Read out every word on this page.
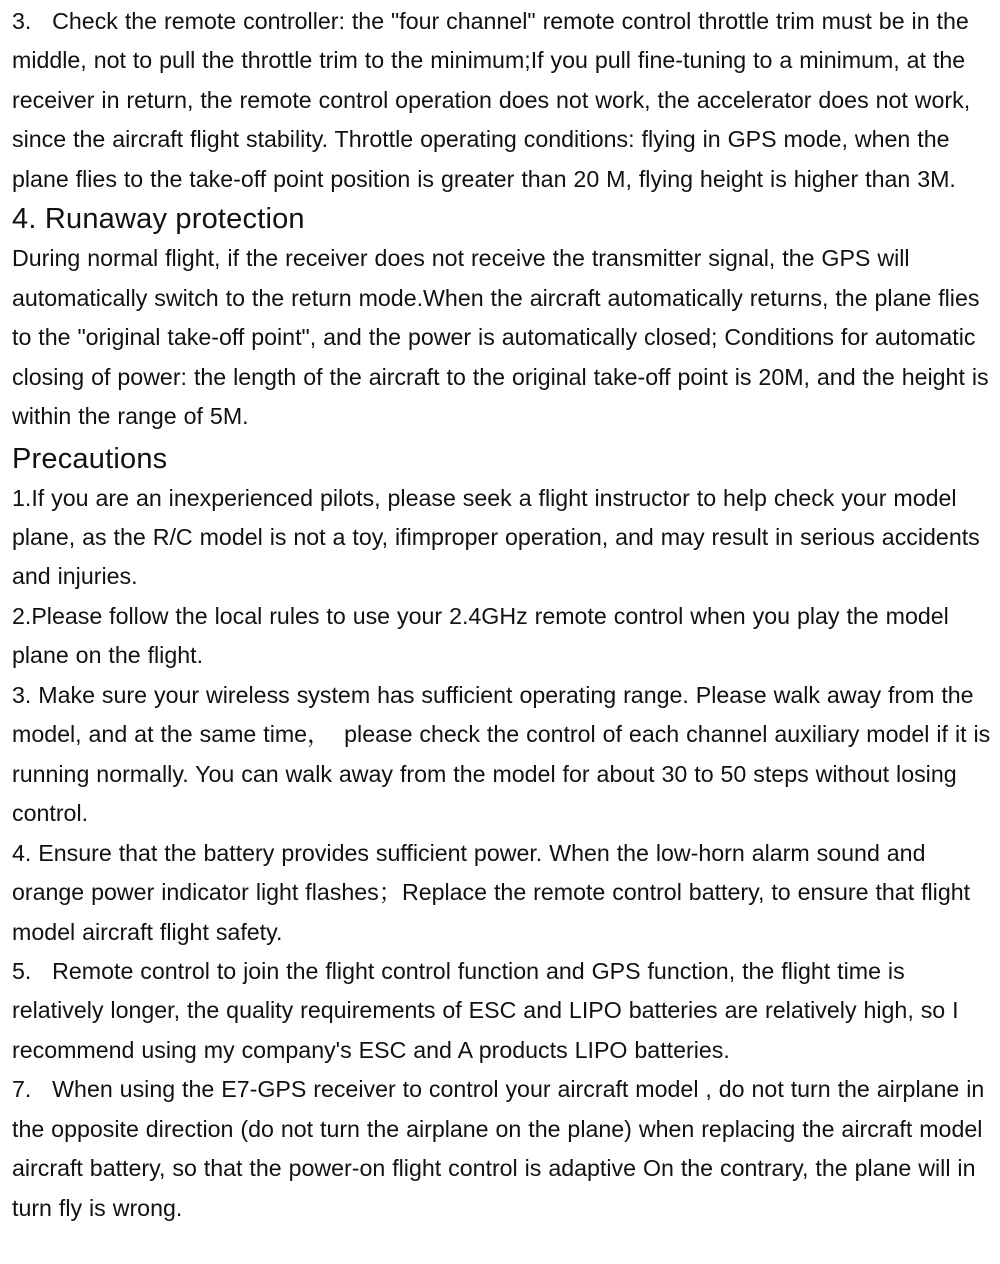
3.   Check the remote controller: the "four channel" remote control throttle trim must be in the middle, not to pull the throttle trim to the minimum;If you pull fine-tuning to a minimum, at the receiver in return, the remote control operation does not work, the accelerator does not work, since the aircraft flight stability. Throttle operating conditions: flying in GPS mode, when the plane flies to the take-off point position is greater than 20 M, flying height is higher than 3M.

4. Runaway protection

During normal flight, if the receiver does not receive the transmitter signal, the GPS will automatically switch to the return mode.When the aircraft automatically returns, the plane flies to the "original take-off point", and the power is automatically closed; Conditions for automatic closing of power: the length of the aircraft to the original take-off point is 20M, and the height is within the range of 5M.

Precautions

1.If you are an inexperienced pilots, please seek a flight instructor to help check your model plane, as the R/C model is not a toy, ifimproper operation, and may result in serious accidents and injuries.

2.Please follow the local rules to use your 2.4GHz remote control when you play the model plane on the flight.

3. Make sure your wireless system has sufficient operating range. Please walk away from the model, and at the same time，  please check the control of each channel auxiliary model if it is running normally. You can walk away from the model for about 30 to 50 steps without losing control.

4. Ensure that the battery provides sufficient power. When the low-horn alarm sound and orange power indicator light flashes；Replace the remote control battery, to ensure that flight model aircraft flight safety.

5.   Remote control to join the flight control function and GPS function, the flight time is relatively longer, the quality requirements of ESC and LIPO batteries are relatively high, so I recommend using my company's ESC and A products LIPO batteries.

7.   When using the E7-GPS receiver to control your aircraft model , do not turn the airplane in the opposite direction (do not turn the airplane on the plane) when replacing the aircraft model aircraft battery, so that the power-on flight control is adaptive On the contrary, the plane will in turn fly is wrong.
